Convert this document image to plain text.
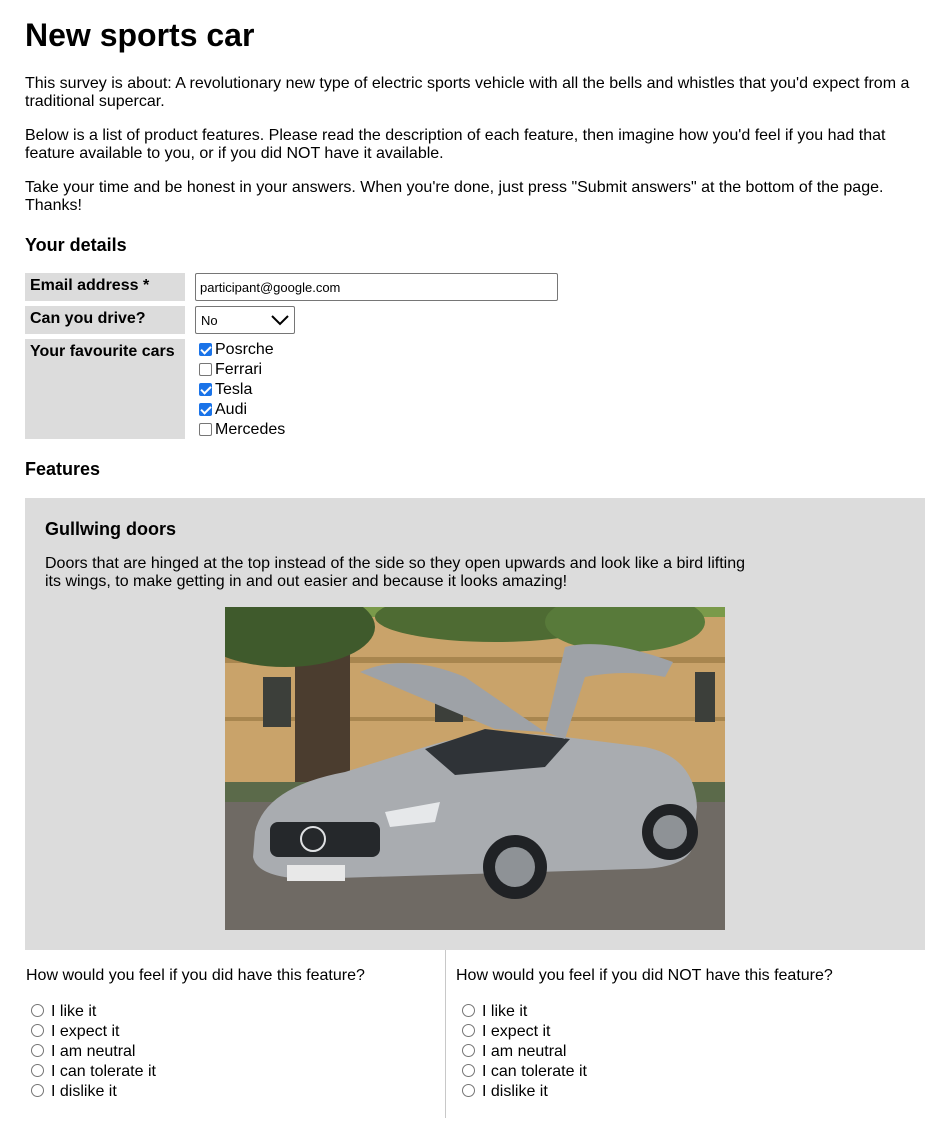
New sports car

This survey is about: A revolutionary new type of electric sports vehicle with all the bells and whistles that you'd expect from a traditional supercar.

Below is a list of product features. Please read the description of each feature, then imagine how you'd feel if you had that feature available to you, or if you did NOT have it available.

Take your time and be honest in your answers. When you're done, just press "Submit answers" at the bottom of the page. Thanks!

Your details
Email address *
participant@google.com
Can you drive?	No
Your favourite cars	Posrche
Ferrari
Tesla
Audi
Mercedes
Features
Gullwing doors

Doors that are hinged at the top instead of the side so they open upwards and look like a bird lifting its wings, to make getting in and out easier and because it looks amazing!

How would you feel if you did have this feature?
I like it
I expect it
I am neutral
I can tolerate it
I dislike it
How would you feel if you did NOT have this feature?
I like it
I expect it
I am neutral
I can tolerate it
I dislike it
